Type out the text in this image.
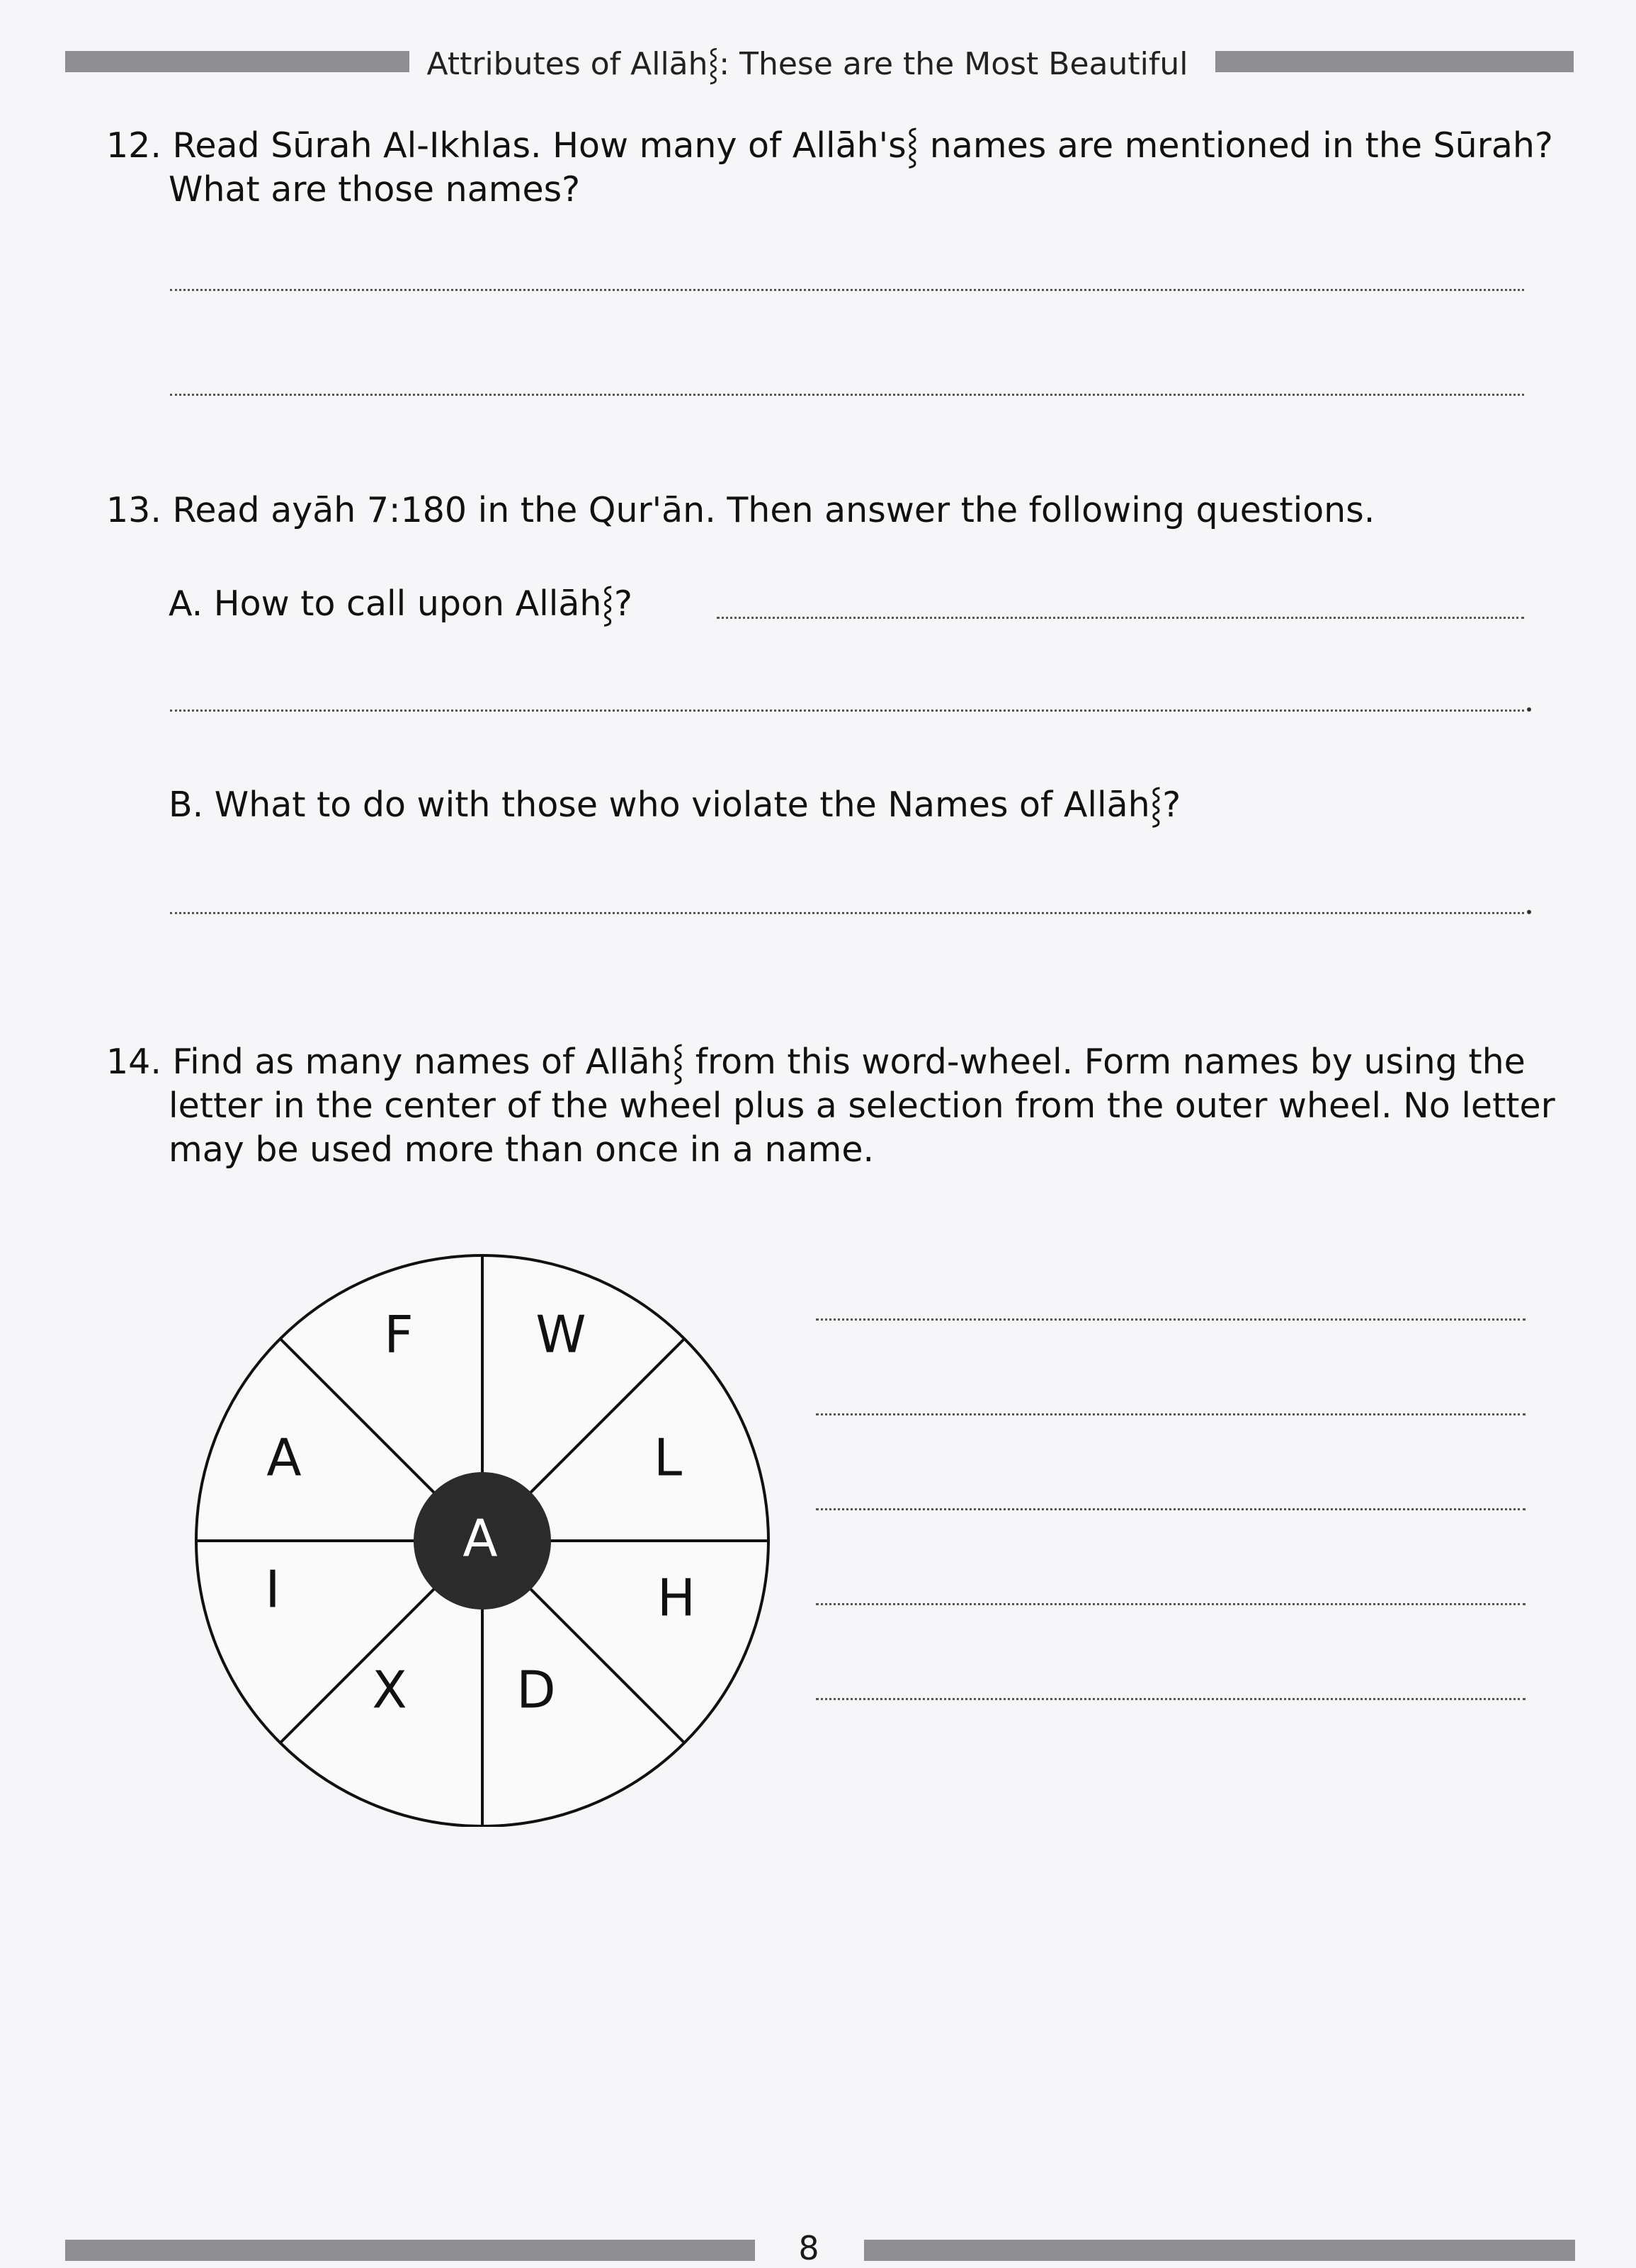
Attributes of Allāh⸾: These are the Most Beautiful
12. Read Sūrah Al-Ikhlas. How many of Allāh's⸾ names are mentioned in the Sūrah?
What are those names?
13. Read ayāh 7:180 in the Qur'ān. Then answer the following questions.
A. How to call upon Allāh⸾?
B. What to do with those who violate the Names of Allāh⸾?
14. Find as many names of Allāh⸾ from this word-wheel. Form names by using the
letter in the center of the wheel plus a selection from the outer wheel. No letter
may be used more than once in a name.
A
F W
L
H
D
X
I
A
8
